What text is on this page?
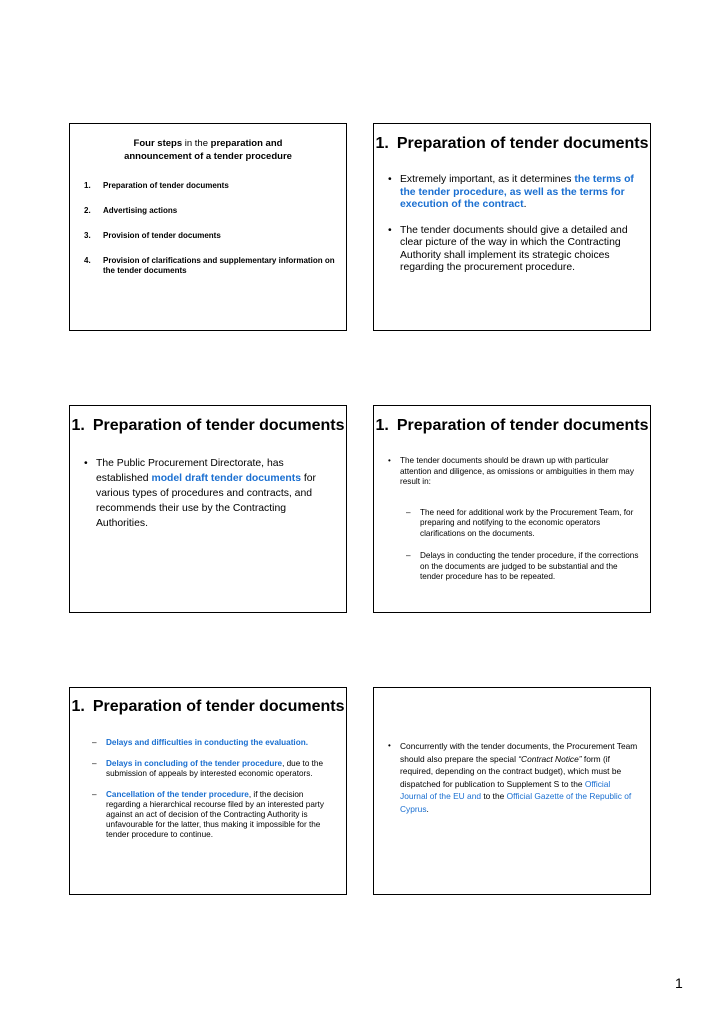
Four steps in the preparation and
announcement of a tender procedure
1.	Preparation of tender documents
2.	Advertising actions
3.	Provision of tender documents
4.	Provision of clarifications and supplementary information on the tender documents
1. Preparation of tender documents
• Extremely important, as it determines the terms of the tender procedure, as well as the terms for execution of the contract.
• The tender documents should give a detailed and clear picture of the way in which the Contracting Authority shall implement its strategic choices regarding the procurement procedure.
1. Preparation of tender documents
• The Public Procurement Directorate, has established model draft tender documents for various types of procedures and contracts, and recommends their use by the Contracting Authorities.
1. Preparation of tender documents
• The tender documents should be drawn up with particular attention and diligence, as omissions or ambiguities in them may result in:
– The need for additional work by the Procurement Team, for preparing and notifying to the economic operators clarifications on the documents.
– Delays in conducting the tender procedure, if the corrections on the documents are judged to be substantial and the tender procedure has to be repeated.
1. Preparation of tender documents
– Delays and difficulties in conducting the evaluation.
– Delays in concluding of the tender procedure, due to the submission of appeals by interested economic operators.
– Cancellation of the tender procedure, if the decision regarding a hierarchical recourse filed by an interested party against an act of decision of the Contracting Authority is unfavourable for the latter, thus making it impossible for the tender procedure to continue.
• Concurrently with the tender documents, the Procurement Team should also prepare the special “Contract Notice” form (if required, depending on the contract budget), which must be dispatched for publication to Supplement S to the Official Journal of the EU and to the Official Gazette of the Republic of Cyprus.
1
